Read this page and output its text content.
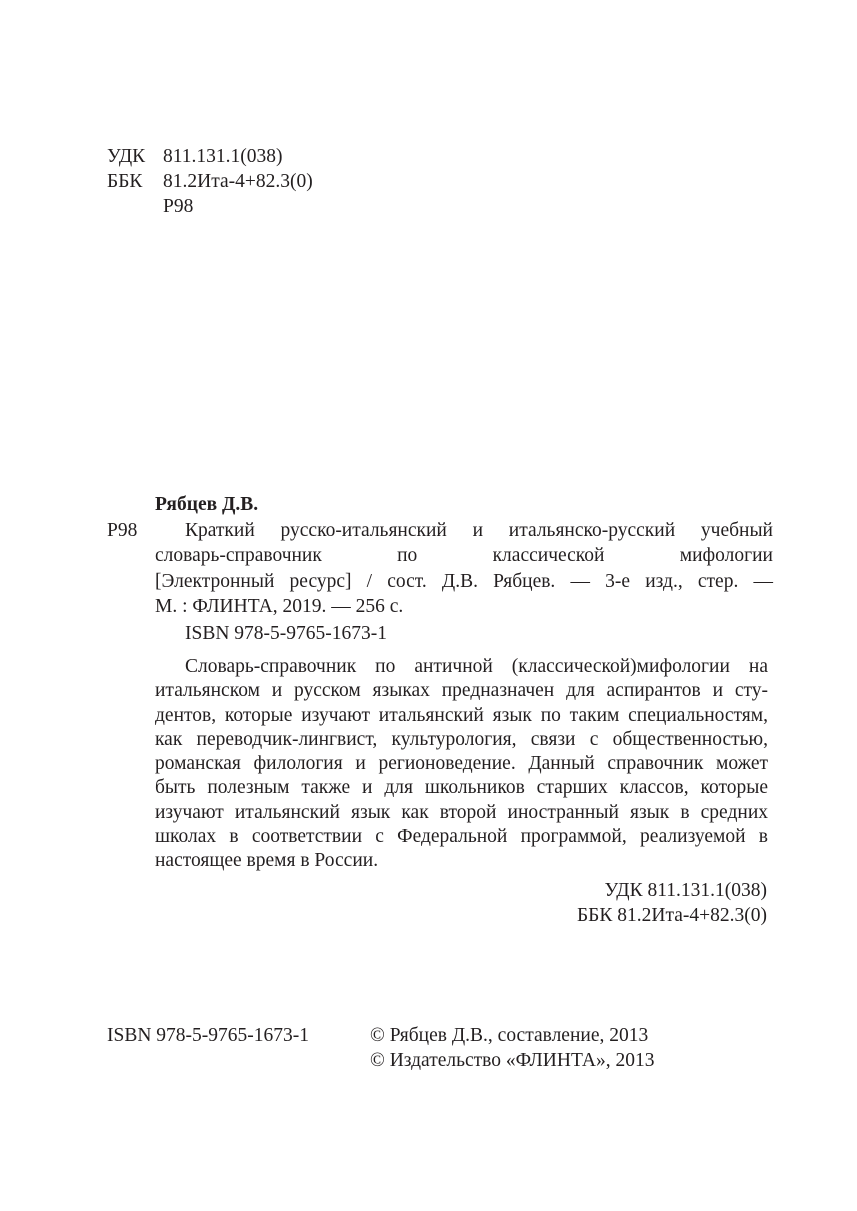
УДК 811.131.1(038)
ББК 81.2Ита-4+82.3(0)
Р98
Рябцев Д.В.
Р98	Краткий русско-итальянский и итальянско-русский учебный
словарь-справочник по классической мифологии
[Электронный ресурс] / сост. Д.В. Рябцев. — 3-е изд., стер. —
М. : ФЛИНТА, 2019. — 256 с.
ISBN 978-5-9765-1673-1
Словарь-справочник по античной (классической)мифологии на
итальянском и русском языках предназначен для аспирантов и сту-
дентов, которые изучают итальянский язык по таким специальностям,
как переводчик-лингвист, культурология, связи с общественностью,
романская филология и регионоведение. Данный справочник может
быть полезным также и для школьников старших классов, которые
изучают итальянский язык как второй иностранный язык в средних
школах в соответствии с Федеральной программой, реализуемой в
настоящее время в России.
УДК 811.131.1(038)
ББК 81.2Ита-4+82.3(0)
ISBN 978-5-9765-1673-1	© Рябцев Д.В., составление, 2013
© Издательство «ФЛИНТА», 2013
